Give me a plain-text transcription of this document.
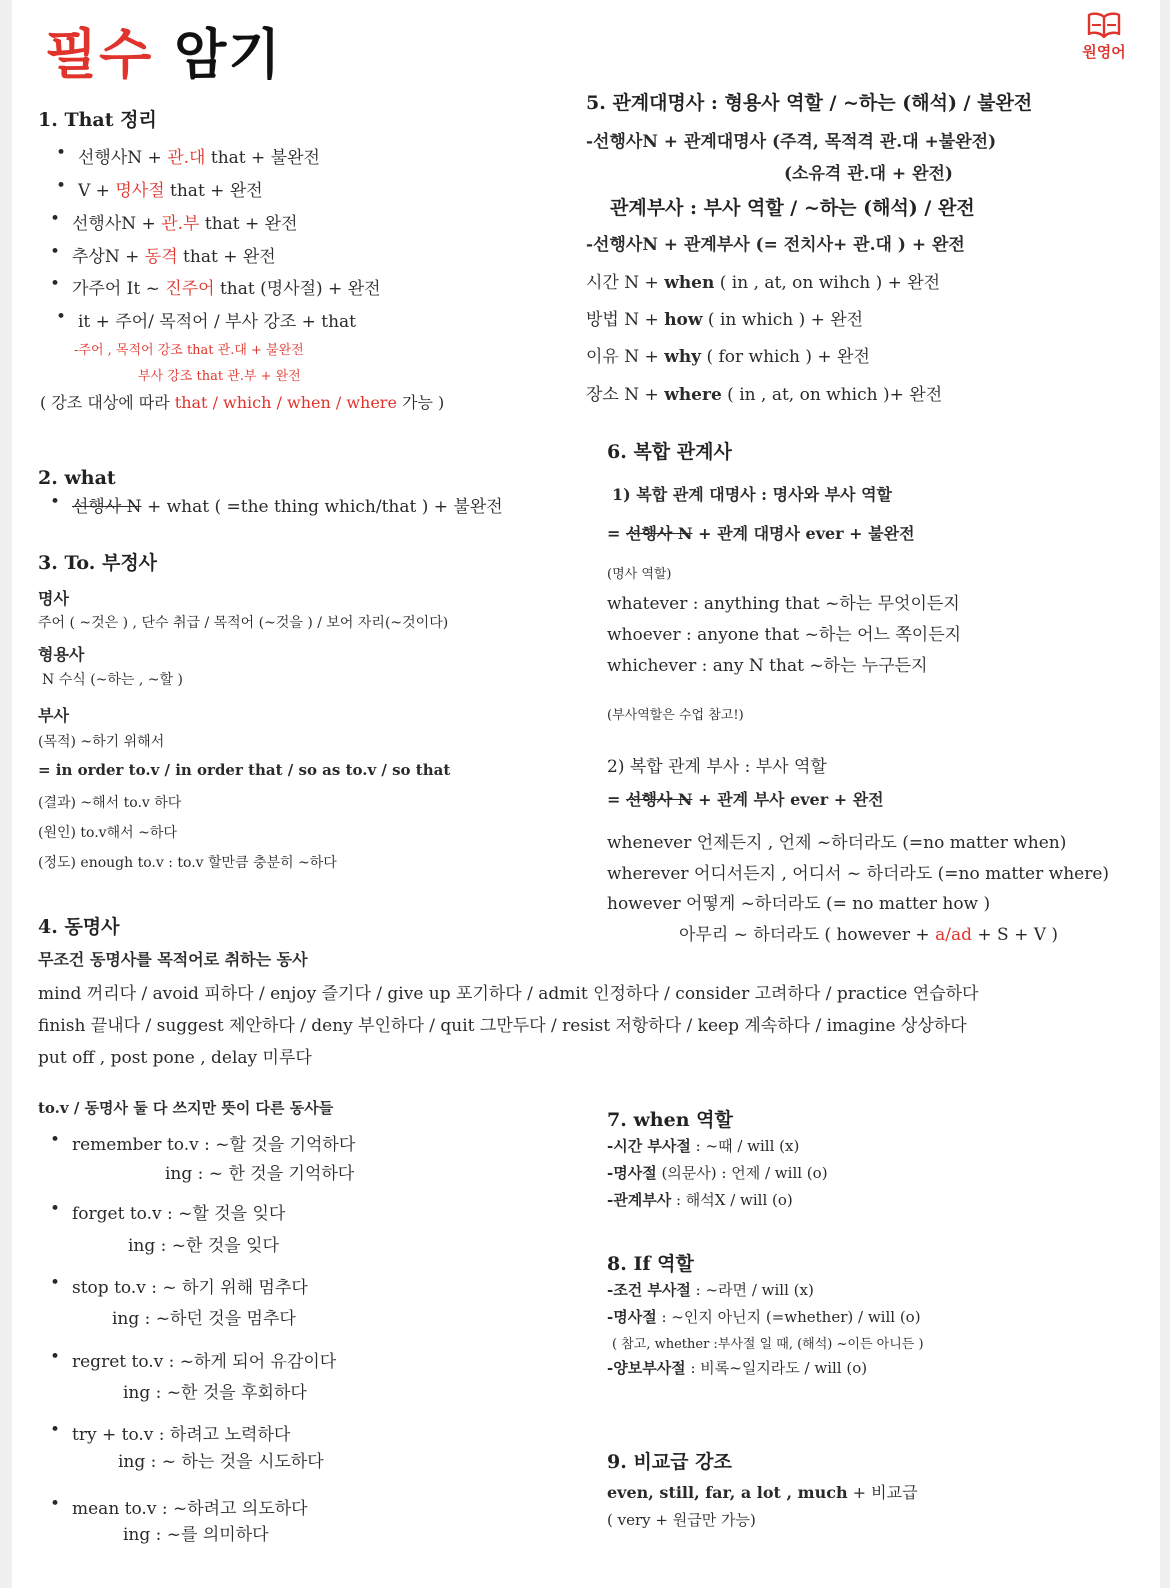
필수 암기	원영어
1. That 정리
• 선행사N + 관.대 that + 불완전
• V + 명사절 that + 완전
• 선행사N + 관.부 that + 완전
• 추상N + 동격 that + 완전
• 가주어 It ~ 진주어 that (명사절) + 완전
• it + 주어/ 목적어 / 부사 강조 + that
-주어 , 목적어 강조 that 관.대 + 불완전
부사 강조 that 관.부 + 완전
( 강조 대상에 따라 that / which / when / where 가능 )
2. what
• 선행사 N + what ( =the thing which/that ) + 불완전
3. To. 부정사
명사
주어 ( ~것은 ) , 단수 취급 / 목적어 (~것을 ) / 보어 자리(~것이다)
형용사
N 수식 (~하는 , ~할 )
부사
(목적) ~하기 위해서
= in order to.v / in order that / so as to.v / so that
(결과) ~해서 to.v 하다
(원인) to.v해서 ~하다
(정도) enough to.v : to.v 할만큼 충분히 ~하다
4. 동명사
무조건 동명사를 목적어로 취하는 동사
mind 꺼리다 / avoid 피하다 / enjoy 즐기다 / give up 포기하다 / admit 인정하다 / consider 고려하다 / practice 연습하다
finish 끝내다 / suggest 제안하다 / deny 부인하다 / quit 그만두다 / resist 저항하다 / keep 계속하다 / imagine 상상하다
put off , post pone , delay 미루다
to.v / 동명사 둘 다 쓰지만 뜻이 다른 동사들
• remember to.v : ~할 것을 기억하다
ing : ~ 한 것을 기억하다
• forget to.v : ~할 것을 잊다
ing : ~한 것을 잊다
• stop to.v : ~ 하기 위해 멈추다
ing : ~하던 것을 멈추다
• regret to.v : ~하게 되어 유감이다
ing : ~한 것을 후회하다
• try + to.v : 하려고 노력하다
ing : ~ 하는 것을 시도하다
• mean to.v : ~하려고 의도하다
ing : ~를 의미하다
5. 관계대명사 : 형용사 역할 / ~하는 (해석) / 불완전
-선행사N + 관계대명사 (주격, 목적격 관.대 +불완전)
(소유격 관.대 + 완전)
관계부사 : 부사 역할 / ~하는 (해석) / 완전
-선행사N + 관계부사 (= 전치사+ 관.대 ) + 완전
시간 N + when ( in , at, on wihch ) + 완전
방법 N + how ( in which ) + 완전
이유 N + why ( for which ) + 완전
장소 N + where ( in , at, on which )+ 완전
6. 복합 관계사
1) 복합 관계 대명사 : 명사와 부사 역할
= 선행사 N + 관계 대명사 ever + 불완전
(명사 역할)
whatever : anything that ~하는 무엇이든지
whoever : anyone that ~하는 어느 쪽이든지
whichever : any N that ~하는 누구든지
(부사역할은 수업 참고!)
2) 복합 관계 부사 : 부사 역할
= 선행사 N + 관계 부사 ever + 완전
whenever 언제든지 , 언제 ~하더라도 (=no matter when)
wherever 어디서든지 , 어디서 ~ 하더라도 (=no matter where)
however 어떻게 ~하더라도 (= no matter how )
아무리 ~ 하더라도 ( however + a/ad + S + V )
7. when 역할
-시간 부사절 : ~때 / will (x)
-명사절 (의문사) : 언제 / will (o)
-관계부사 : 해석X / will (o)
8. If 역할
-조건 부사절 : ~라면 / will (x)
-명사절 : ~인지 아닌지 (=whether) / will (o)
( 참고, whether :부사절 일 때, (해석) ~이든 아니든 )
-양보부사절 : 비록~일지라도 / will (o)
9. 비교급 강조
even, still, far, a lot , much + 비교급
( very + 원급만 가능)
